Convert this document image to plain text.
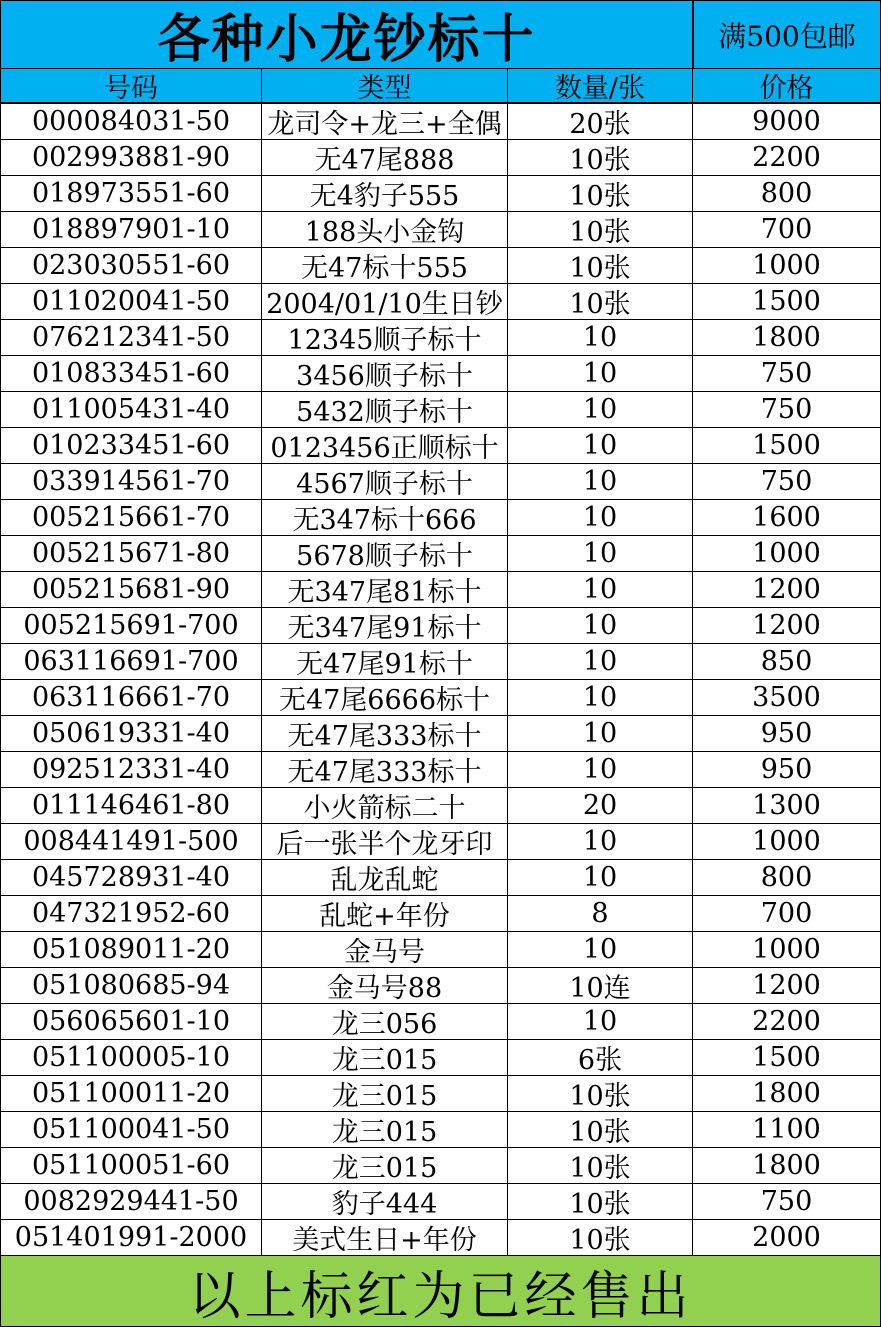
各种小龙钞标十	满500包邮
号码	类型	数量/张	价格
000084031-50	龙司令+龙三+全偶	20张	9000
002993881-90	无47尾888	10张	2200
018973551-60	无4豹子555	10张	800
018897901-10	188头小金钩	10张	700
023030551-60	无47标十555	10张	1000
011020041-50	2004/01/10生日钞	10张	1500
076212341-50	12345顺子标十	10	1800
010833451-60	3456顺子标十	10	750
011005431-40	5432顺子标十	10	750
010233451-60	0123456正顺标十	10	1500
033914561-70	4567顺子标十	10	750
005215661-70	无347标十666	10	1600
005215671-80	5678顺子标十	10	1000
005215681-90	无347尾81标十	10	1200
005215691-700	无347尾91标十	10	1200
063116691-700	无47尾91标十	10	850
063116661-70	无47尾6666标十	10	3500
050619331-40	无47尾333标十	10	950
092512331-40	无47尾333标十	10	950
011146461-80	小火箭标二十	20	1300
008441491-500	后一张半个龙牙印	10	1000
045728931-40	乱龙乱蛇	10	800
047321952-60	乱蛇+年份	8	700
051089011-20	金马号	10	1000
051080685-94	金马号88	10连	1200
056065601-10	龙三056	10	2200
051100005-10	龙三015	6张	1500
051100011-20	龙三015	10张	1800
051100041-50	龙三015	10张	1100
051100051-60	龙三015	10张	1800
0082929441-50	豹子444	10张	750
051401991-2000	美式生日+年份	10张	2000
以上标红为已经售出
